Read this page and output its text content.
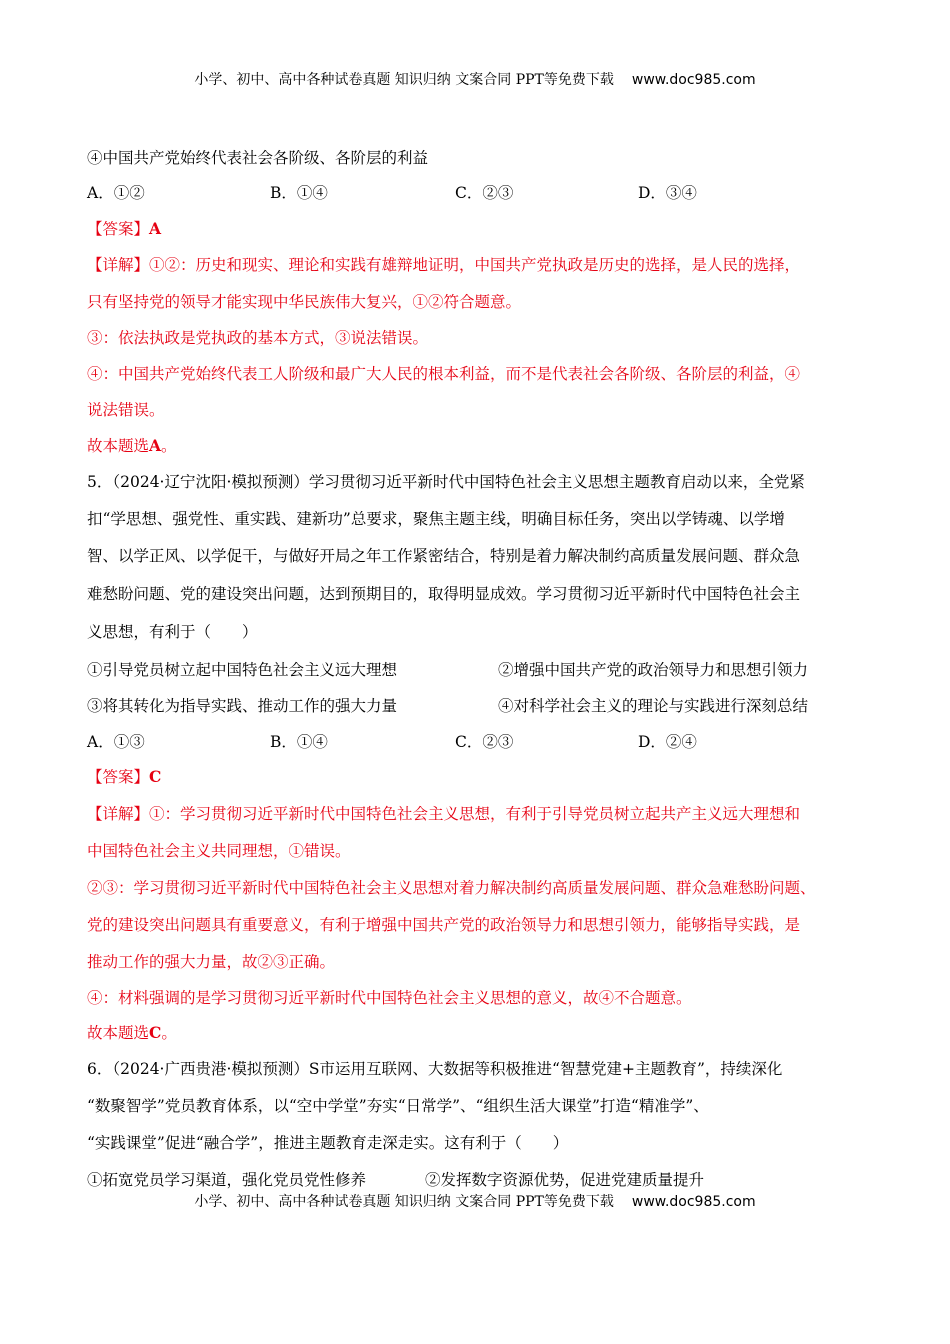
小学、初中、高中各种试卷真题 知识归纳 文案合同 PPT等免费下载 www.doc985.com
④中国共产党始终代表社会各阶级、各阶层的利益
A．①②	B．①④	C．②③	D．③④
【答案】A
【详解】①②：历史和现实、理论和实践有雄辩地证明，中国共产党执政是历史的选择，是人民的选择，
只有坚持党的领导才能实现中华民族伟大复兴，①②符合题意。
③：依法执政是党执政的基本方式，③说法错误。
④：中国共产党始终代表工人阶级和最广大人民的根本利益，而不是代表社会各阶级、各阶层的利益，④
说法错误。
故本题选A。
5．（2024·辽宁沈阳·模拟预测）学习贯彻习近平新时代中国特色社会主义思想主题教育启动以来，全党紧
扣“学思想、强党性、重实践、建新功”总要求，聚焦主题主线，明确目标任务，突出以学铸魂、以学增
智、以学正风、以学促干，与做好开局之年工作紧密结合，特别是着力解决制约高质量发展问题、群众急
难愁盼问题、党的建设突出问题，达到预期目的，取得明显成效。学习贯彻习近平新时代中国特色社会主
义思想，有利于（　　）
①引导党员树立起中国特色社会主义远大理想	②增强中国共产党的政治领导力和思想引领力
③将其转化为指导实践、推动工作的强大力量	④对科学社会主义的理论与实践进行深刻总结
A．①③	B．①④	C．②③	D．②④
【答案】C
【详解】①：学习贯彻习近平新时代中国特色社会主义思想，有利于引导党员树立起共产主义远大理想和
中国特色社会主义共同理想，①错误。
②③：学习贯彻习近平新时代中国特色社会主义思想对着力解决制约高质量发展问题、群众急难愁盼问题、
党的建设突出问题具有重要意义，有利于增强中国共产党的政治领导力和思想引领力，能够指导实践，是
推动工作的强大力量，故②③正确。
④：材料强调的是学习贯彻习近平新时代中国特色社会主义思想的意义，故④不合题意。
故本题选C。
6．（2024·广西贵港·模拟预测）S市运用互联网、大数据等积极推进“智慧党建+主题教育”，持续深化
“数聚智学”党员教育体系，以“空中学堂”夯实“日常学”、“组织生活大课堂”打造“精准学”、
“实践课堂”促进“融合学”，推进主题教育走深走实。这有利于（　　）
①拓宽党员学习渠道，强化党员党性修养	②发挥数字资源优势，促进党建质量提升
小学、初中、高中各种试卷真题 知识归纳 文案合同 PPT等免费下载 www.doc985.com
